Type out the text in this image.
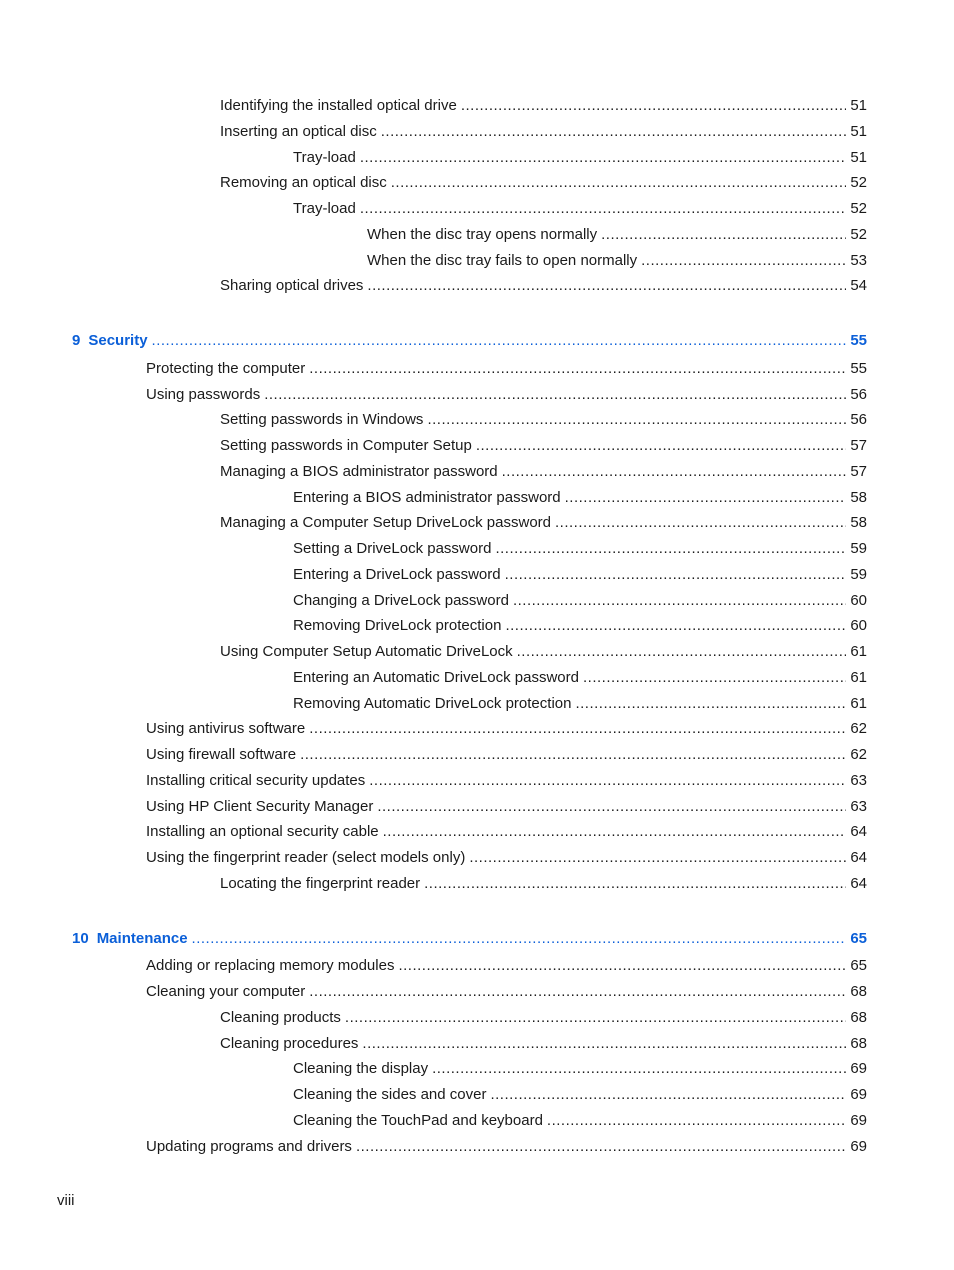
Identifying the installed optical drive .....	51
Inserting an optical disc .....	51
Tray-load .....	51
Removing an optical disc .....	52
Tray-load .....	52
When the disc tray opens normally .....	52
When the disc tray fails to open normally .....	53
Sharing optical drives .....	54
9 Security .....	55
Protecting the computer .....	55
Using passwords .....	56
Setting passwords in Windows .....	56
Setting passwords in Computer Setup .....	57
Managing a BIOS administrator password .....	57
Entering a BIOS administrator password .....	58
Managing a Computer Setup DriveLock password .....	58
Setting a DriveLock password .....	59
Entering a DriveLock password .....	59
Changing a DriveLock password .....	60
Removing DriveLock protection .....	60
Using Computer Setup Automatic DriveLock .....	61
Entering an Automatic DriveLock password .....	61
Removing Automatic DriveLock protection .....	61
Using antivirus software .....	62
Using firewall software .....	62
Installing critical security updates .....	63
Using HP Client Security Manager .....	63
Installing an optional security cable .....	64
Using the fingerprint reader (select models only) .....	64
Locating the fingerprint reader .....	64
10 Maintenance .....	65
Adding or replacing memory modules .....	65
Cleaning your computer .....	68
Cleaning products .....	68
Cleaning procedures .....	68
Cleaning the display .....	69
Cleaning the sides and cover .....	69
Cleaning the TouchPad and keyboard .....	69
Updating programs and drivers .....	69
viii
